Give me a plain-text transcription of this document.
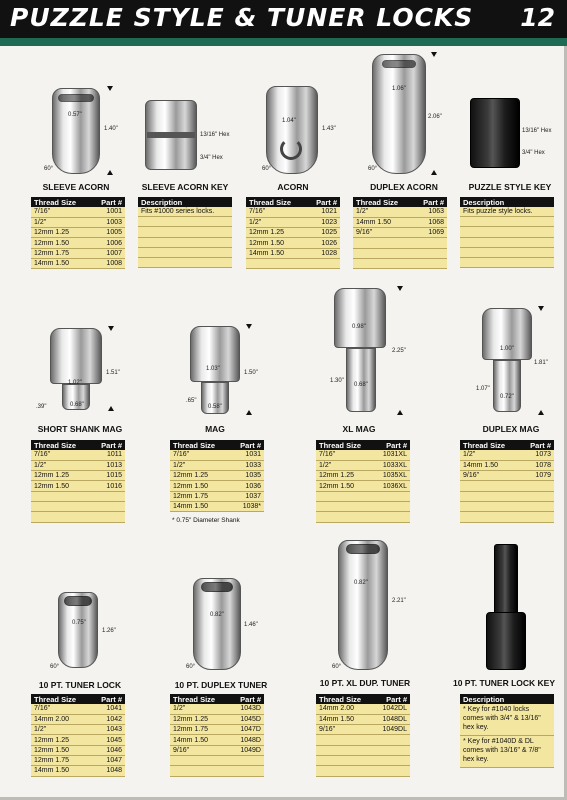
PUZZLE STYLE & TUNER LOCKS 12
0.57"
1.40"
60°
SLEEVE ACORN
Thread Size	Part #
7/16"	1001
1/2"	1003
12mm 1.25	1005
12mm 1.50	1006
12mm 1.75	1007
14mm 1.50	1008
13/16" Hex
3/4" Hex
SLEEVE ACORN KEY
Description
Fits #1000 series locks.

1.04"
1.43"
60°
ACORN
Thread Size	Part #
7/16"	1021
1/2"	1023
12mm 1.25	1025
12mm 1.50	1026
14mm 1.50	1028

1.06"
2.06"
60°
DUPLEX ACORN
Thread Size	Part #
1/2"	1063
14mm 1.50	1068
9/16"	1069

13/16" Hex
3/4" Hex
PUZZLE STYLE KEY
Description
Fits puzzle style locks.

1.02"
0.68"
1.51"
.39"
SHORT SHANK MAG
Thread Size	Part #
7/16"	1011
1/2"	1013
12mm 1.25	1015
12mm 1.50	1016

1.03"
0.58"
1.50"
.65"
MAG
Thread Size	Part #
7/16"	1031
1/2"	1033
12mm 1.25	1035
12mm 1.50	1036
12mm 1.75	1037
14mm 1.50	1038*
* 0.75" Diameter Shank
0.98"
0.68"
2.25"
1.30"
XL MAG
Thread Size	Part #
7/16"	1031XL
1/2"	1033XL
12mm 1.25	1035XL
12mm 1.50	1036XL

1.00"
0.72"
1.81"
1.07"
DUPLEX MAG
Thread Size	Part #
1/2"	1073
14mm 1.50	1078
9/16"	1079

0.75"
1.26"
60°
10 PT. TUNER LOCK
Thread Size	Part #
7/16"	1041
14mm 2.00	1042
1/2"	1043
12mm 1.25	1045
12mm 1.50	1046
12mm 1.75	1047
14mm 1.50	1048
0.82"
1.46"
60°
10 PT. DUPLEX TUNER
Thread Size	Part #
1/2"	1043D
12mm 1.25	1045D
12mm 1.75	1047D
14mm 1.50	1048D
9/16"	1049D

0.82"
2.21"
60°
10 PT. XL DUP. TUNER
Thread Size	Part #
14mm 2.00	1042DL
14mm 1.50	1048DL
9/16"	1049DL

10 PT. TUNER LOCK KEY
Description
* Key for #1040 locks comes with 3/4" & 13/16" hex key.
* Key for #1040D & DL comes with 13/16" & 7/8" hex key.
